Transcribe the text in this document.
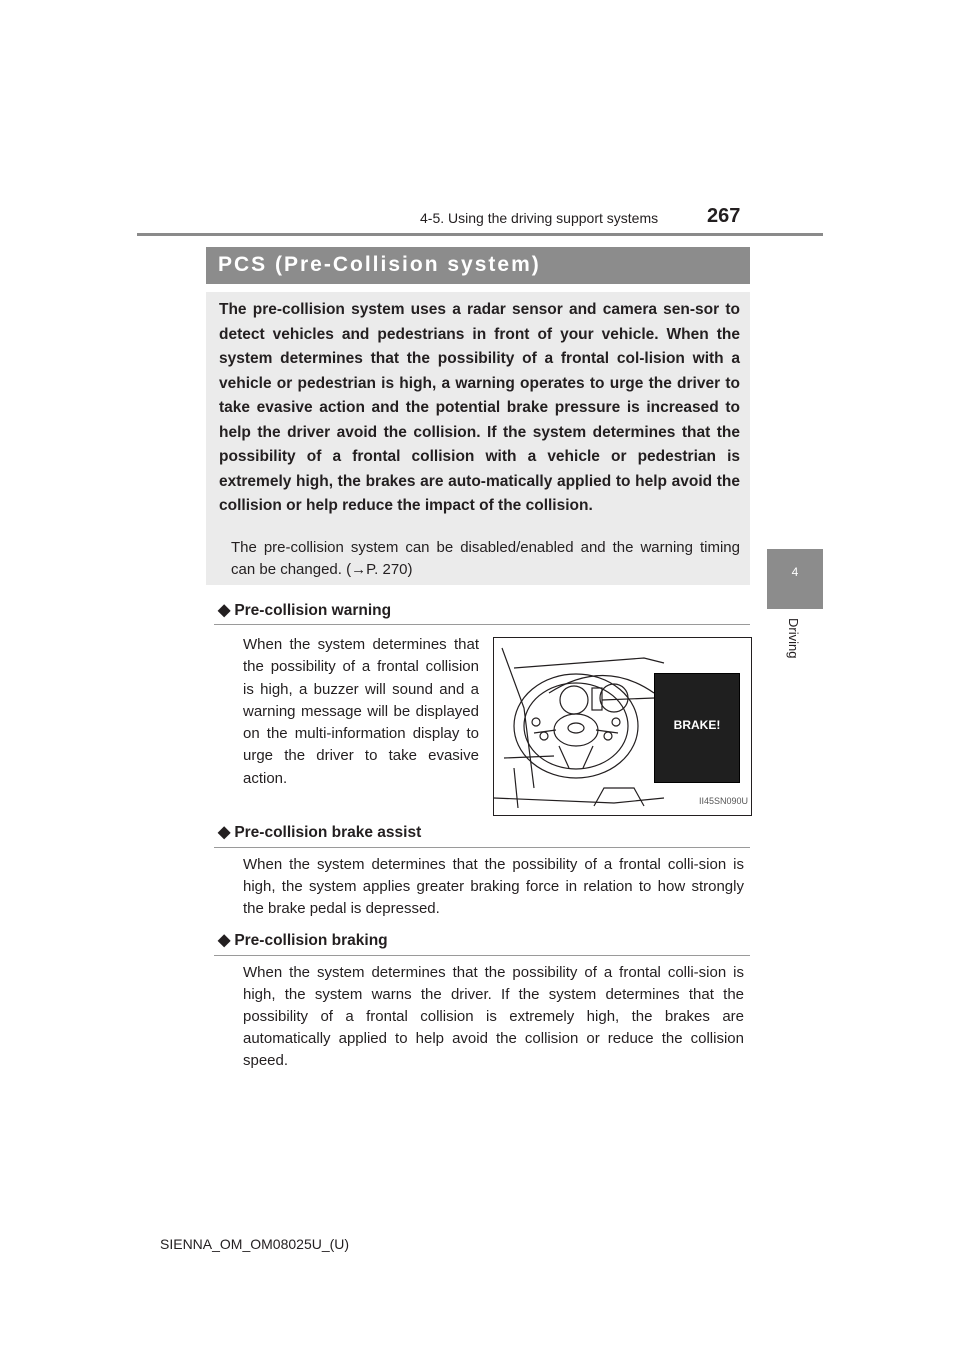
4-5. Using the driving support systems 267
4
Driving
PCS (Pre-Collision system)
The pre-collision system uses a radar sensor and camera sen-sor to detect vehicles and pedestrians in front of your vehicle. When the system determines that the possibility of a frontal col-lision with a vehicle or pedestrian is high, a warning operates to urge the driver to take evasive action and the potential brake pressure is increased to help the driver avoid the collision. If the system determines that the possibility of a frontal collision with a vehicle or pedestrian is extremely high, the brakes are auto-matically applied to help avoid the collision or help reduce the impact of the collision.
The pre-collision system can be disabled/enabled and the warning timing can be changed. (→P. 270)
◆ Pre-collision warning
When the system determines that the possibility of a frontal collision is high, a buzzer will sound and a warning message will be displayed on the multi-information display to urge the driver to take evasive action.
BRAKE!
II45SN090U
◆ Pre-collision brake assist
When the system determines that the possibility of a frontal colli-sion is high, the system applies greater braking force in relation to how strongly the brake pedal is depressed.
◆ Pre-collision braking
When the system determines that the possibility of a frontal colli-sion is high, the system warns the driver. If the system determines that the possibility of a frontal collision is extremely high, the brakes are automatically applied to help avoid the collision or reduce the collision speed.
SIENNA_OM_OM08025U_(U)
